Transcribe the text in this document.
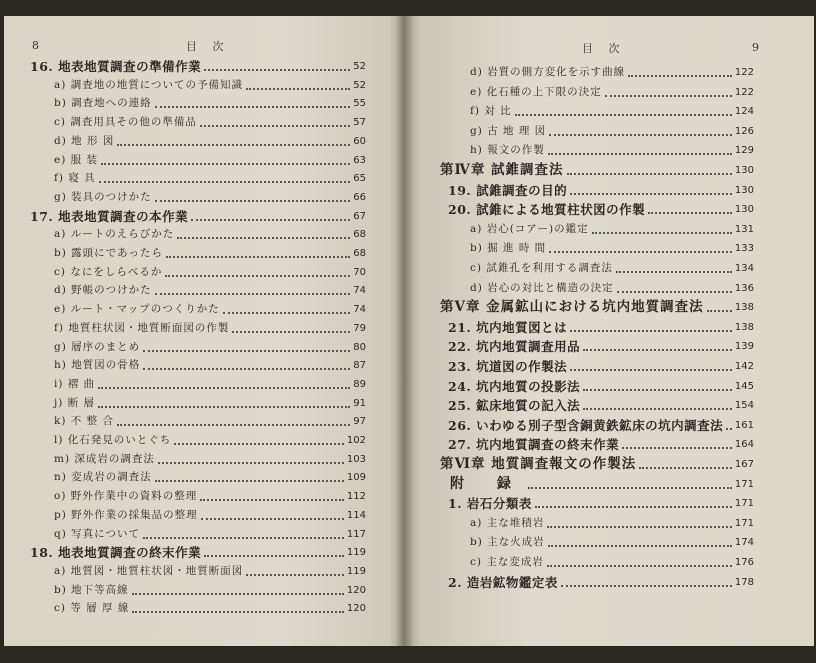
8	目 次
16. 地表地質調査の準備作業	52
a) 調査地の地質についての予備知識	52
b) 調査地への連絡	55
c) 調査用具その他の準備品	57
d) 地 形 図	60
e) 服 装	63
f) 寝 具	65
g) 装具のつけかた	66
17. 地表地質調査の本作業	67
a) ルートのえらびかた	68
b) 露頭にであったら	68
c) なにをしらべるか	70
d) 野帳のつけかた	74
e) ルート・マップのつくりかた	74
f) 地質柱状図・地質断面図の作製	79
g) 層序のまとめ	80
h) 地質図の骨格	87
i) 褶 曲	89
j) 断 層	91
k) 不 整 合	97
l) 化石発見のいとぐち	102
m) 深成岩の調査法	103
n) 変成岩の調査法	109
o) 野外作業中の資料の整理	112
p) 野外作業の採集品の整理	114
q) 写真について	117
18. 地表地質調査の終末作業	119
a) 地質図・地質柱状図・地質断面図	119
b) 地下等高線	120
c) 等 層 厚 線	120
目 次	9
d) 岩質の側方変化を示す曲線	122
e) 化石種の上下限の決定	122
f) 対 比	124
g) 古 地 理 図	126
h) 報文の作製	129
第Ⅳ章 試錐調査法	130
19. 試錐調査の目的	130
20. 試錐による地質柱状図の作製	130
a) 岩心(コアー)の鑑定	131
b) 掘 進 時 間	133
c) 試錐孔を利用する調査法	134
d) 岩心の対比と構造の決定	136
第Ⅴ章 金属鉱山における坑内地質調査法	138
21. 坑内地質図とは	138
22. 坑内地質調査用品	139
23. 坑道図の作製法	142
24. 坑内地質の投影法	145
25. 鉱床地質の記入法	154
26. いわゆる別子型含銅黄鉄鉱床の坑内調査法 161
27. 坑内地質調査の終末作業	164
第Ⅵ章 地質調査報文の作製法	167
附 録	171
1. 岩石分類表	171
a) 主な堆積岩	171
b) 主な火成岩	174
c) 主な変成岩	176
2. 造岩鉱物鑑定表	178
